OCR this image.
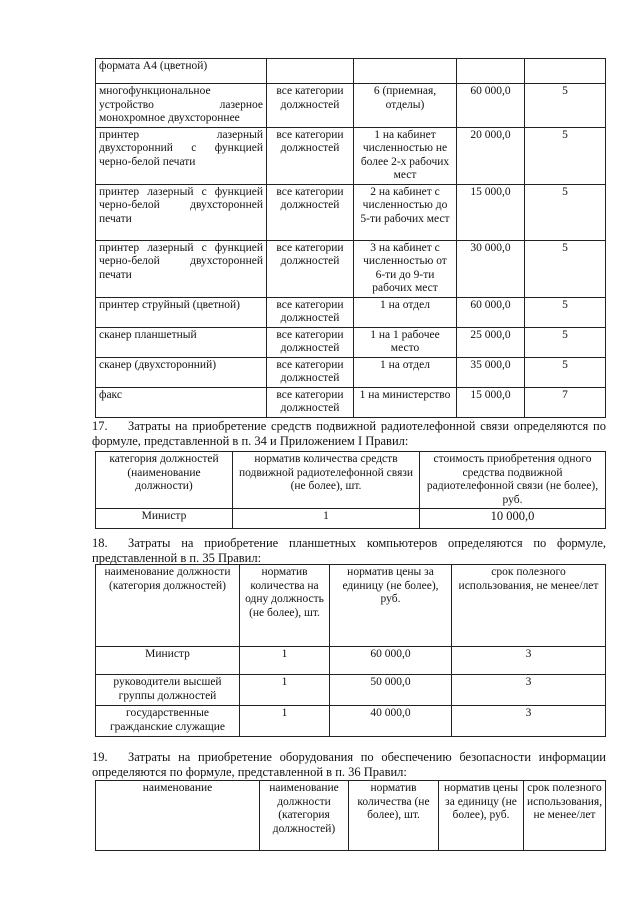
формата А4 (цветной)				
многофункциональное устройство лазерное монохромное двухстороннее	все категории должностей	6 (приемная, отделы)	60 000,0	5
принтер лазерный двухсторонний с функцией черно-белой печати	все категории должностей	1 на кабинет численностью не более 2-х рабочих мест	20 000,0	5
принтер лазерный с функцией черно-белой двухсторонней печати	все категории должностей	2 на кабинет с численностью до 5-ти рабочих мест	15 000,0	5
принтер лазерный с функцией черно-белой двухсторонней печати	все категории должностей	3 на кабинет с численностью от 6-ти до 9-ти рабочих мест	30 000,0	5
принтер струйный (цветной)	все категории должностей	1 на отдел	60 000,0	5
сканер планшетный	все категории должностей	1 на 1 рабочее место	25 000,0	5
сканер (двухсторонний)	все категории должностей	1 на отдел	35 000,0	5
факс	все категории должностей	1 на министерство	15 000,0	7
17. Затраты на приобретение средств подвижной радиотелефонной связи определяются по формуле, представленной в п. 34 и Приложением I Правил:
категория должностей (наименование должности)	норматив количества средств подвижной радиотелефонной связи (не более), шт.	стоимость приобретения одного средства подвижной радиотелефонной связи (не более), руб.
Министр	1	10 000,0
18. Затраты на приобретение планшетных компьютеров определяются по формуле, представленной в п. 35 Правил:
наименование должности (категория должностей)	норматив количества на одну должность (не более), шт.	норматив цены за единицу (не более), руб.	срок полезного использования, не менее/лет
Министр	1	60 000,0	3
руководители высшей группы должностей	1	50 000,0	3
государственные гражданские служащие	1	40 000,0	3
19. Затраты на приобретение оборудования по обеспечению безопасности информации определяются по формуле, представленной в п. 36 Правил:
наименование	наименование должности (категория должностей)	норматив количества (не более), шт.	норматив цены за единицу (не более), руб.	срок полезного использования, не менее/лет
